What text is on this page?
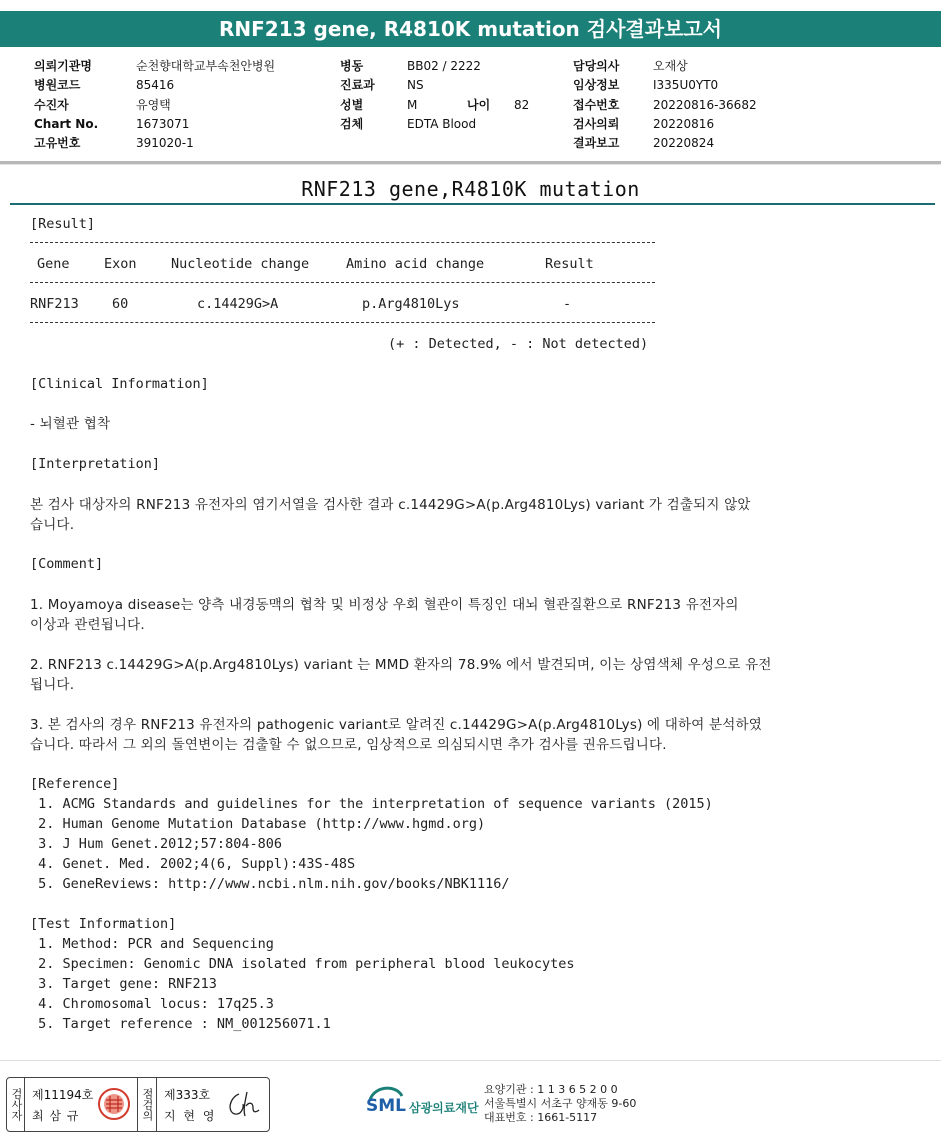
RNF213 gene, R4810K mutation 검사결과보고서
의뢰기관명	순천향대학교부속천안병원
병원코드	85416
수진자	유영택
Chart No.	1673071
고유번호	391020-1
병동	BB02 / 2222
진료과	NS
성별	M	나이	82
검체	EDTA Blood
담당의사	오재상
임상정보	I335U0YT0
접수번호	20220816-36682
검사의뢰	20220816
결과보고	20220824
RNF213 gene,R4810K mutation
[Result]
Gene	Exon	Nucleotide change	Amino acid change	Result
RNF213 60	c.14429G>A	p.Arg4810Lys	-
(+ : Detected, - : Not detected)
[Clinical Information]
- 뇌혈관 협착
[Interpretation]
본 검사 대상자의 RNF213 유전자의 염기서열을 검사한 결과 c.14429G>A(p.Arg4810Lys) variant 가 검출되지 않았
습니다.
[Comment]
1. Moyamoya disease는 양측 내경동맥의 협착 및 비정상 우회 혈관이 특징인 대뇌 혈관질환으로 RNF213 유전자의
이상과 관련됩니다.
2. RNF213 c.14429G>A(p.Arg4810Lys) variant 는 MMD 환자의 78.9% 에서 발견되며, 이는 상염색체 우성으로 유전
됩니다.
3. 본 검사의 경우 RNF213 유전자의 pathogenic variant로 알려진 c.14429G>A(p.Arg4810Lys) 에 대하여 분석하였
습니다. 따라서 그 외의 돌연변이는 검출할 수 없으므로, 임상적으로 의심되시면 추가 검사를 권유드립니다.
[Reference]
1. ACMG Standards and guidelines for the interpretation of sequence variants (2015)
2. Human Genome Mutation Database (http://www.hgmd.org)
3. J Hum Genet.2012;57:804-806
4. Genet. Med. 2002;4(6, Suppl):43S-48S
5. GeneReviews: http://www.ncbi.nlm.nih.gov/books/NBK1116/
[Test Information]
1. Method: PCR and Sequencing
2. Specimen: Genomic DNA isolated from peripheral blood leukocytes
3. Target gene: RNF213
4. Chromosomal locus: 17q25.3
5. Target reference : NM_001256071.1
검사자 제11194호
최 삼 규	점검의 제333호
지 현 영	SML 삼광의료재단
요양기관 : 1 1 3 6 5 2 0 0
서울특별시 서초구 양재동 9-60
대표번호 : 1661-5117
